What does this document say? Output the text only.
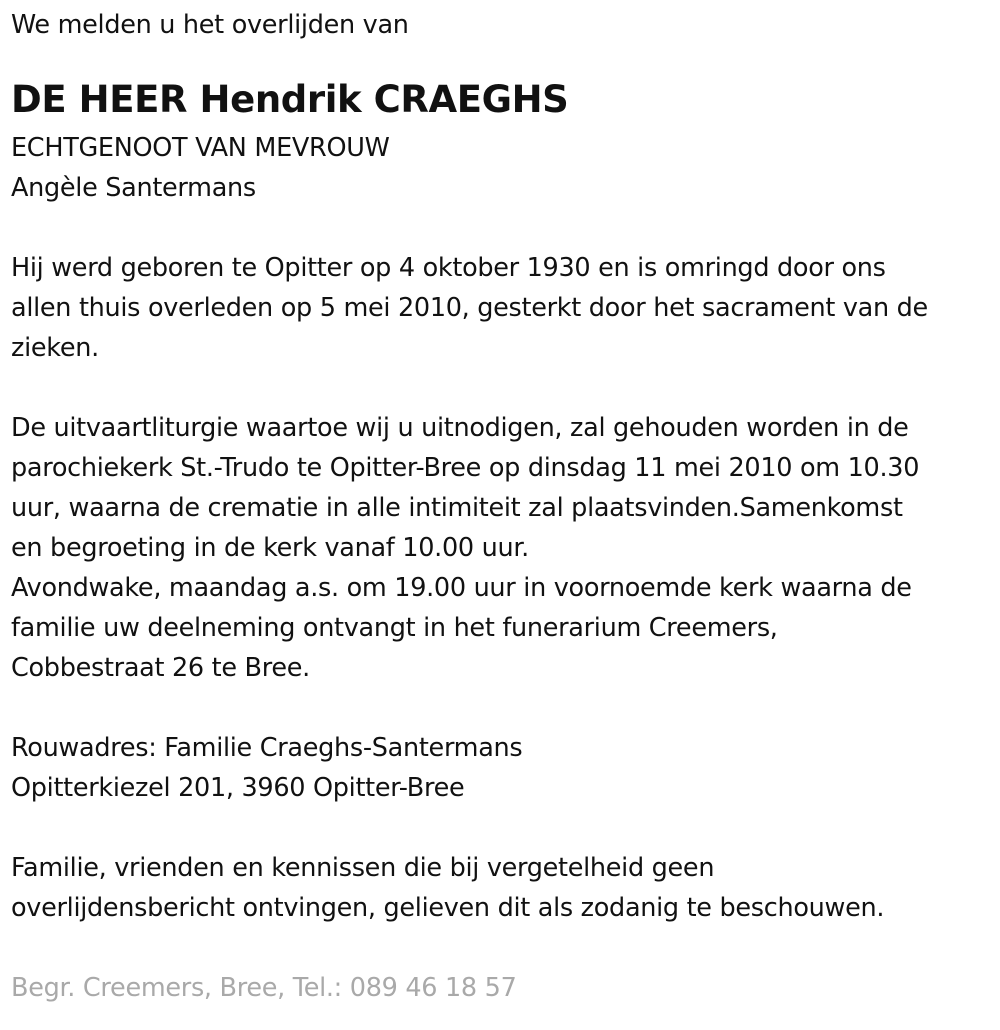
We melden u het overlijden van
DE HEER Hendrik CRAEGHS
ECHTGENOOT VAN MEVROUW
Angèle Santermans
Hij werd geboren te Opitter op 4 oktober 1930 en is omringd door ons
allen thuis overleden op 5 mei 2010, gesterkt door het sacrament van de
zieken.
De uitvaartliturgie waartoe wij u uitnodigen, zal gehouden worden in de
parochiekerk St.-Trudo te Opitter-Bree op dinsdag 11 mei 2010 om 10.30
uur, waarna de crematie in alle intimiteit zal plaatsvinden.Samenkomst
en begroeting in de kerk vanaf 10.00 uur.
Avondwake, maandag a.s. om 19.00 uur in voornoemde kerk waarna de
familie uw deelneming ontvangt in het funerarium Creemers,
Cobbestraat 26 te Bree.
Rouwadres: Familie Craeghs-Santermans
Opitterkiezel 201, 3960 Opitter-Bree
Familie, vrienden en kennissen die bij vergetelheid geen
overlijdensbericht ontvingen, gelieven dit als zodanig te beschouwen.
Begr. Creemers, Bree, Tel.: 089 46 18 57
